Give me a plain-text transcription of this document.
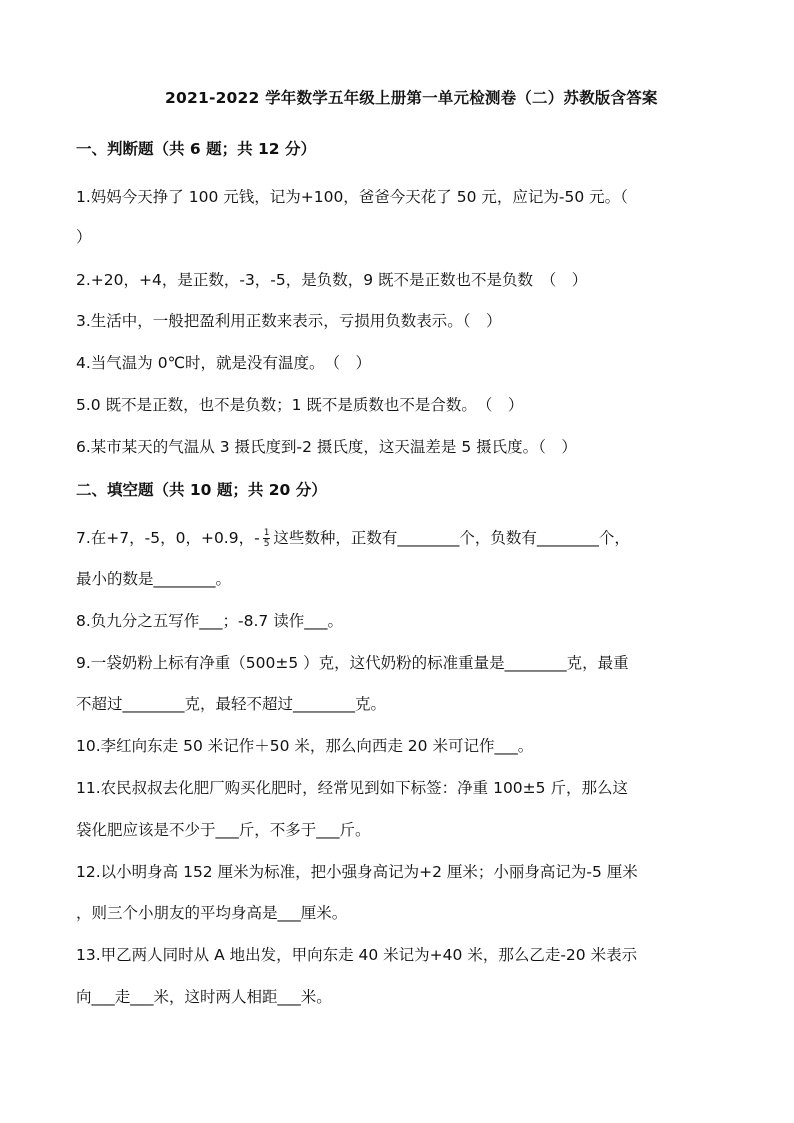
2021-2022 学年数学五年级上册第一单元检测卷（二）苏教版含答案
一、判断题（共 6 题；共 12 分）
1.妈妈今天挣了 100 元钱，记为+100，爸爸今天花了 50 元，应记为-50 元。（
）
2.+20，+4，是正数，-3，-5，是负数，9 既不是正数也不是负数　（　）
3.生活中，一般把盈利用正数来表示，亏损用负数表示。（　）
4.当气温为 0℃时，就是没有温度。　（　）
5.0 既不是正数，也不是负数；1 既不是质数也不是合数。　（　）
6.某市某天的气温从 3 摄氏度到-2 摄氏度，这天温差是 5 摄氏度。（　）
二、填空题（共 10 题；共 20 分）
7.在+7，-5，0，+0.9，- $\frac{1}{5}$ 这些数种，正数有________个，负数有________个，
最小的数是________。
8.负九分之五写作___；-8.7 读作___。
9.一袋奶粉上标有净重（500±5 ）克，这代奶粉的标准重量是________克，最重
不超过________克，最轻不超过________克。
10.李红向东走 50 米记作＋50 米，那么向西走 20 米可记作___。
11.农民叔叔去化肥厂购买化肥时，经常见到如下标签：净重 100±5 斤，那么这
袋化肥应该是不少于___斤，不多于___斤。
12.以小明身高 152 厘米为标准，把小强身高记为+2 厘米；小丽身高记为-5 厘米
，则三个小朋友的平均身高是___厘米。
13.甲乙两人同时从 A 地出发，甲向东走 40 米记为+40 米，那么乙走-20 米表示
向___走___米，这时两人相距___米。
